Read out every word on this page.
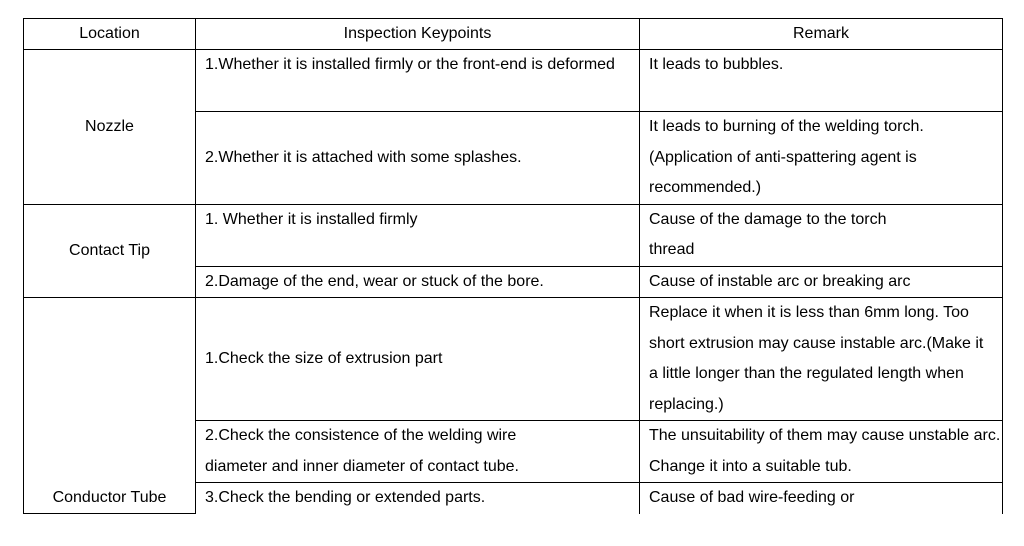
Location	Inspection Keypoints	Remark
Nozzle	1.Whether it is installed firmly or the front-end is deformed	It leads to bubbles.
	2.Whether it is attached with some splashes.	It leads to burning of the welding torch.(Application of anti-spattering agent is recommended.)
Contact Tip	1. Whether it is installed firmly	Cause of the damage to the torch thread
	2.Damage of the end, wear or stuck of the bore.	Cause of instable arc or breaking arc
Conductor Tube	1.Check the size of extrusion part	Replace it when it is less than 6mm long. Too short extrusion may cause instable arc.(Make it a little longer than the regulated length when replacing.)
	2.Check the consistence of the welding wire diameter and inner diameter of contact tube.	The unsuitability of them may cause unstable arc. Change it into a suitable tub.
	3.Check the bending or extended parts.	Cause of bad wire-feeding or
